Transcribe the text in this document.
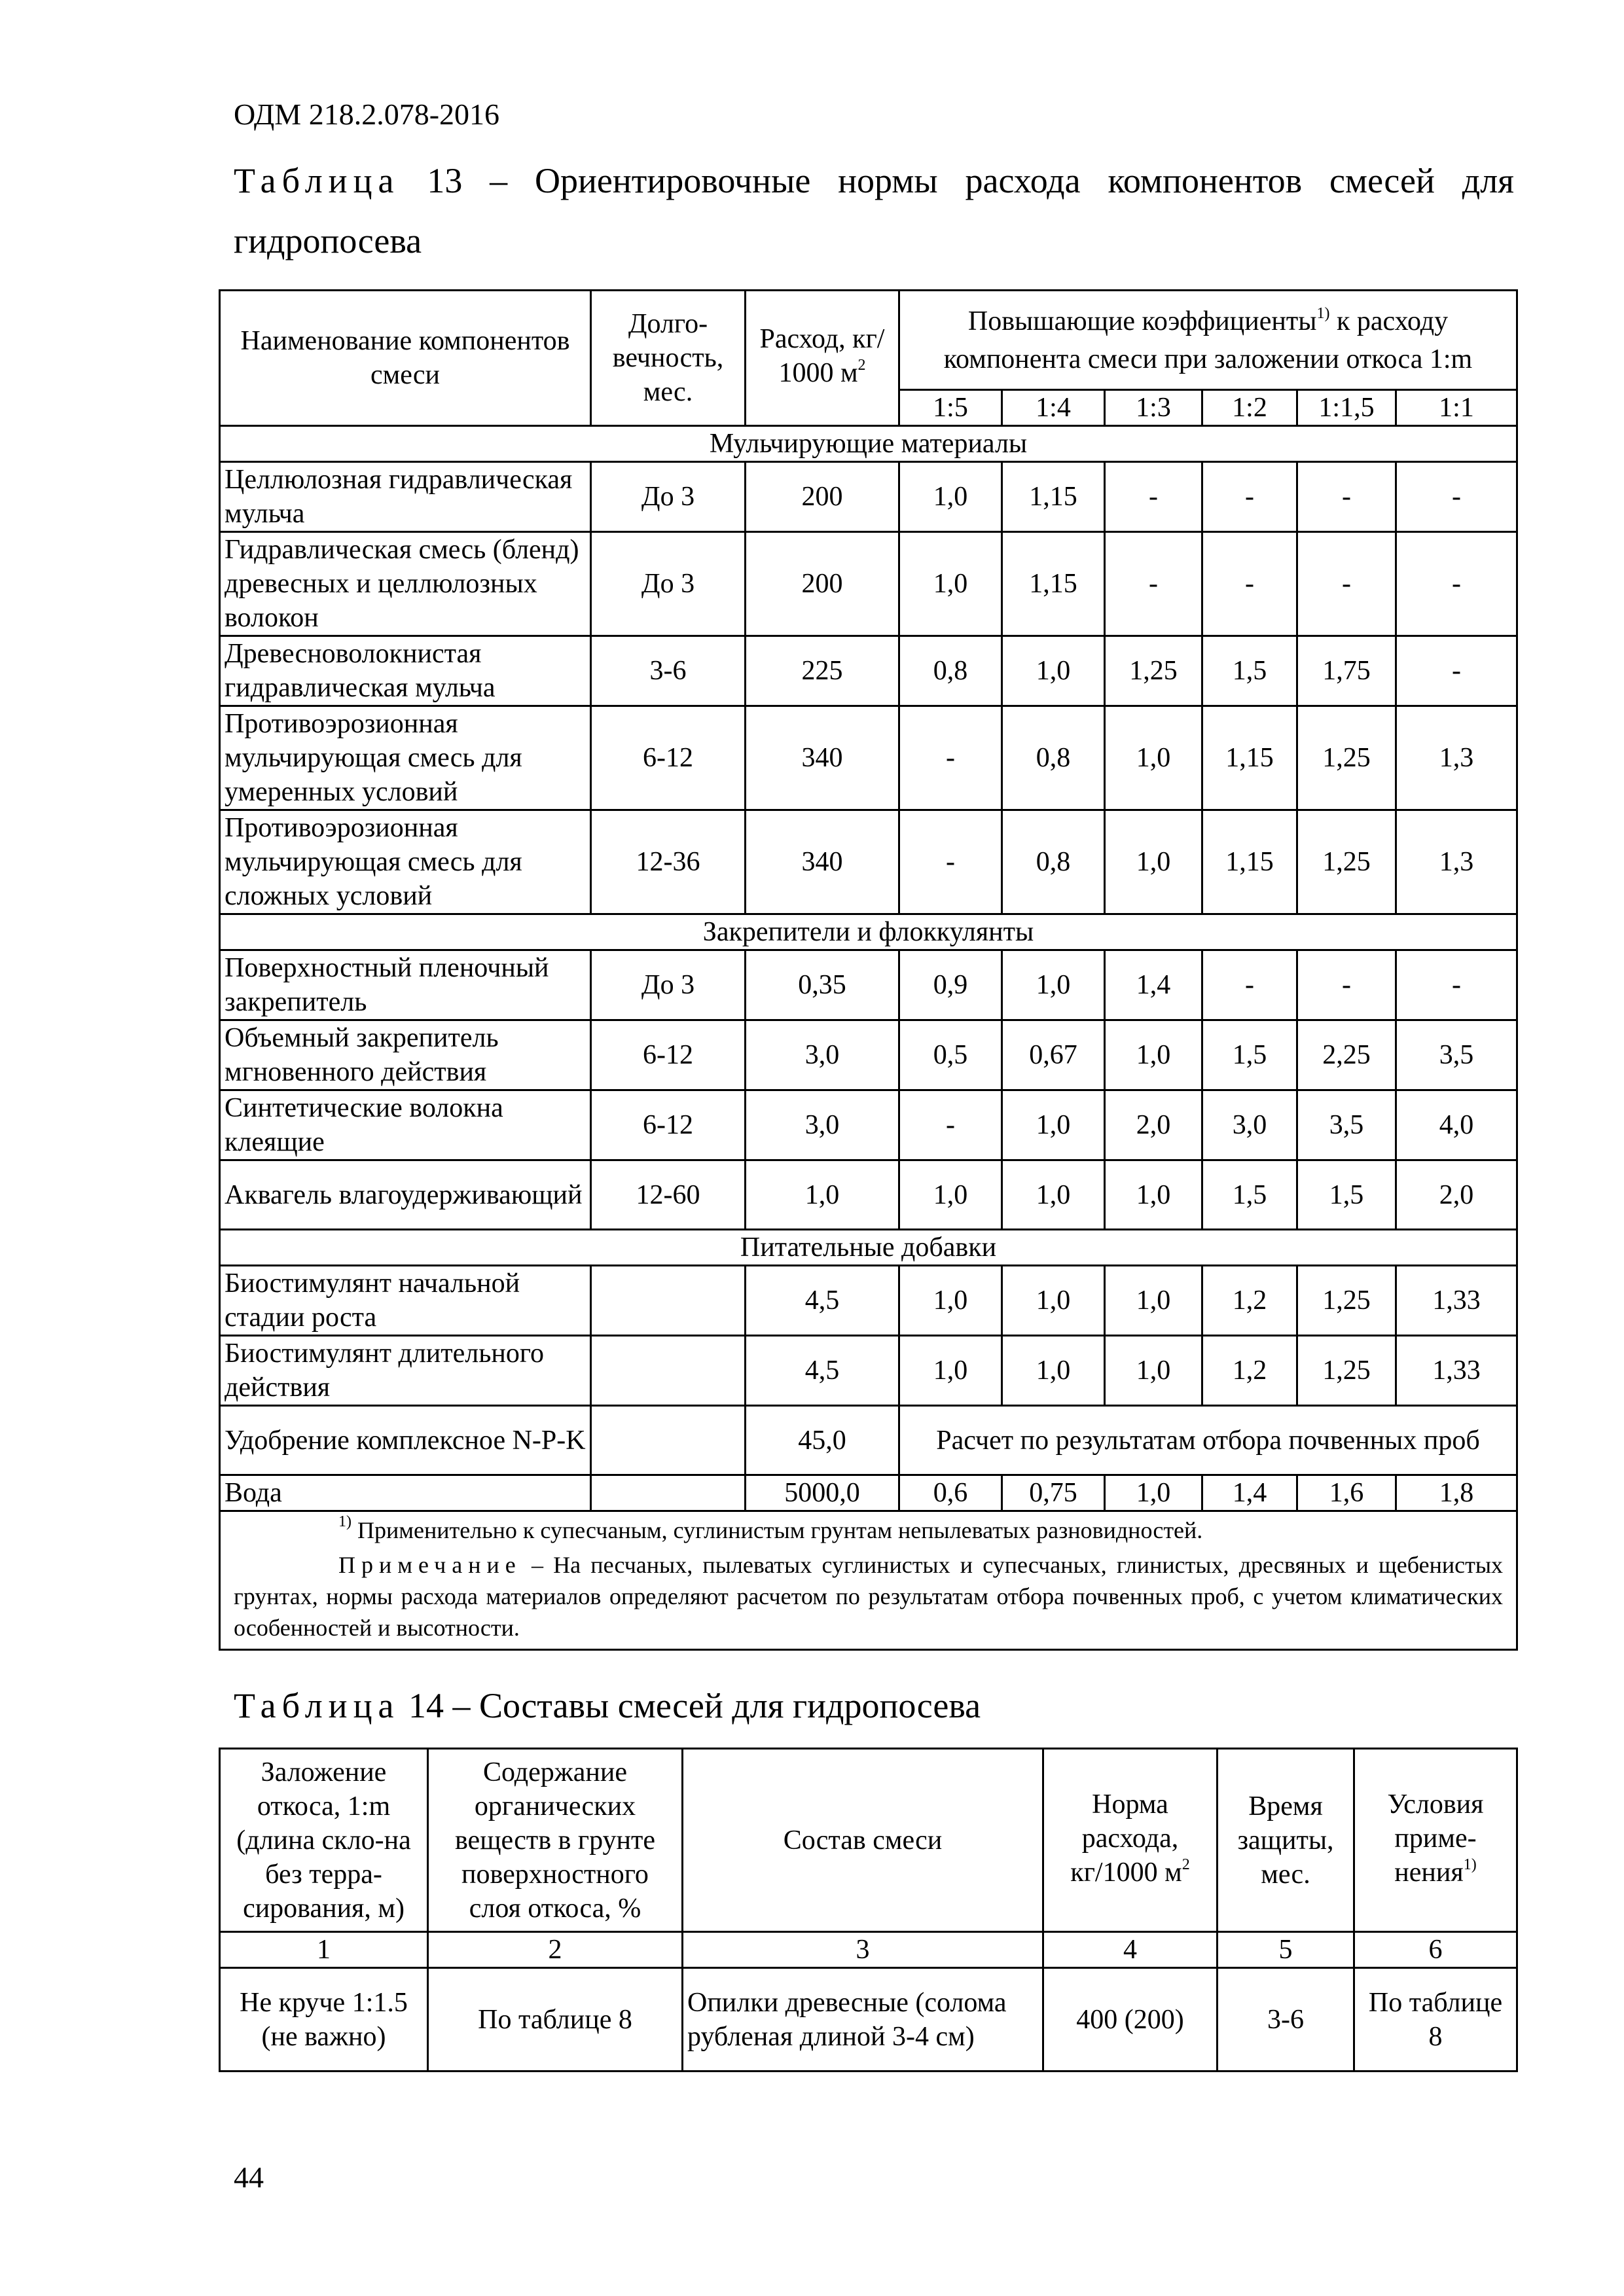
ОДМ 218.2.078-2016
Таблица 13 – Ориентировочные нормы расхода компонентов смесей для гидропосева
Наименование компонентов смеси	Долго-вечность, мес.	Расход, кг/ 1000 $м^2$	Повышающие коэффициенты$^{1)}$ к расходу компонента смеси при заложении откоса 1:m					
			1:5	1:4	1:3	1:2	1:1,5	1:1
Мульчирующие материалы								
Целлюлозная гидравлическая мульча	До 3	200	1,0	1,15	-	-	-	-
Гидравлическая смесь (бленд) древесных и целлюлозных волокон	До 3	200	1,0	1,15	-	-	-	-
Древесноволокнистая гидравлическая мульча	3-6	225	0,8	1,0	1,25	1,5	1,75	-
Противоэрозионная мульчирующая смесь для умеренных условий	6-12	340	-	0,8	1,0	1,15	1,25	1,3
Противоэрозионная мульчирующая смесь для сложных условий	12-36	340	-	0,8	1,0	1,15	1,25	1,3
Закрепители и флоккулянты								
Поверхностный пленочный закрепитель	До 3	0,35	0,9	1,0	1,4	-	-	-
Объемный закрепитель мгновенного действия	6-12	3,0	0,5	0,67	1,0	1,5	2,25	3,5
Синтетические волокна клеящие	6-12	3,0	-	1,0	2,0	3,0	3,5	4,0
Аквагель влагоудерживающий	12-60	1,0	1,0	1,0	1,0	1,5	1,5	2,0
Питательные добавки								
Биостимулянт начальной стадии роста		4,5	1,0	1,0	1,0	1,2	1,25	1,33
Биостимулянт длительного действия		4,5	1,0	1,0	1,0	1,2	1,25	1,33
Удобрение комплексное N-P-K		45,0	Расчет по результатам отбора почвенных проб					
Вода		5000,0	0,6	0,75	1,0	1,4	1,6	1,8

$^{1)}$ Применительно к супесчаным, суглинистым грунтам непылеватых разновидностей.
Примечание – На песчаных, пылеватых суглинистых и супесчаных, глинистых, дресвяных и щебенистых грунтах, нормы расхода материалов определяют расчетом по результатам отбора почвенных проб, с учетом климатических особенностей и высотности.								
Таблица 14 – Составы смесей для гидропосева
Заложение откоса, 1:m (длина скло-на без терра-сирования, м)	Содержание органических веществ в грунте поверхностного слоя откоса, %	Состав смеси	Норма расхода, кг/1000 $м^2$	Время защиты, мес.	Условия приме-нения$^{1)}$
1	2	3	4	5	6
Не круче 1:1.5 (не важно)	По таблице 8	Опилки древесные (солома рубленая длиной 3-4 см)	400 (200)	3-6	По таблице 8
44
